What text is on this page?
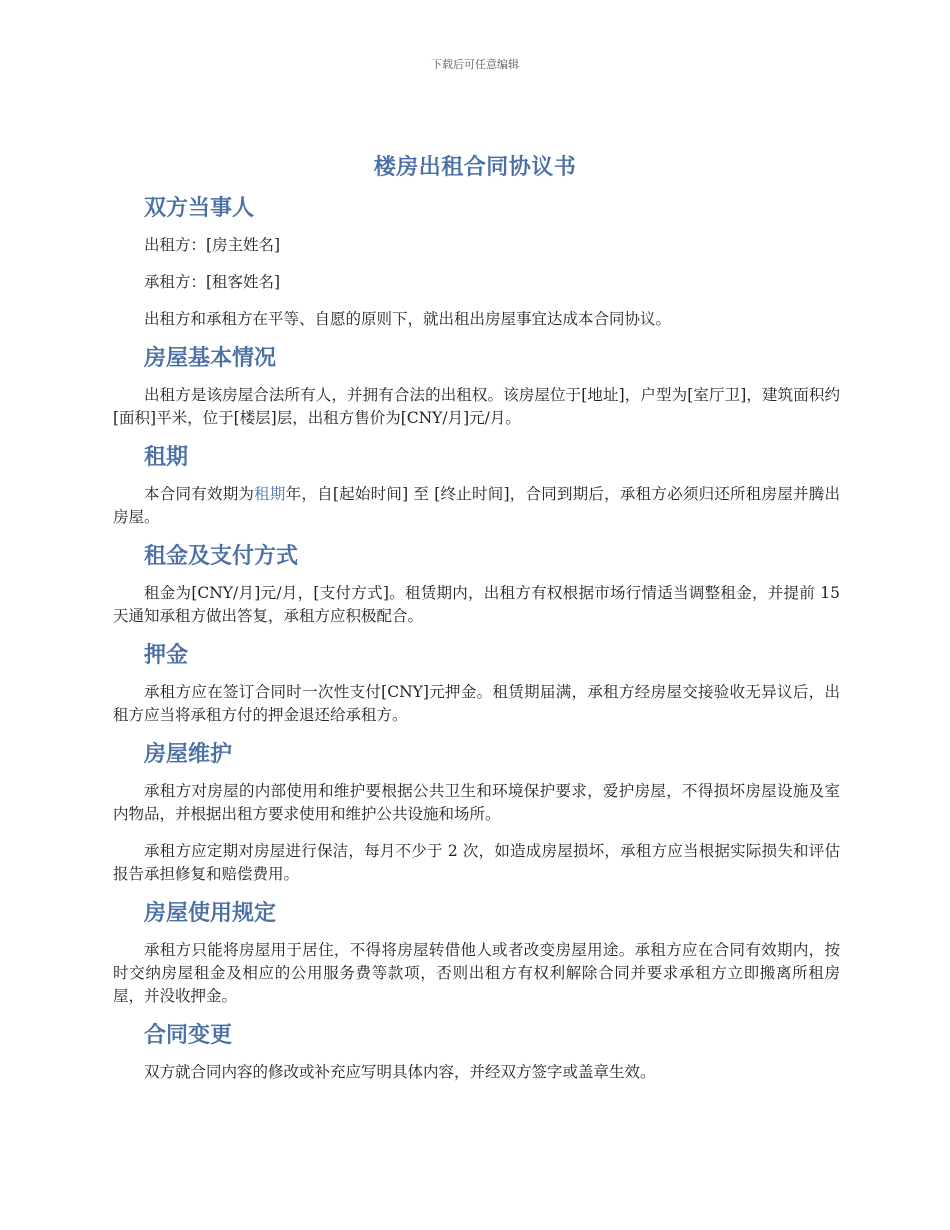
下载后可任意编辑
楼房出租合同协议书
双方当事人

出租方：[房主姓名]

承租方：[租客姓名]

出租方和承租方在平等、自愿的原则下，就出租出房屋事宜达成本合同协议。

房屋基本情况

出租方是该房屋合法所有人，并拥有合法的出租权。该房屋位于[地址]，户型为[室厅卫]，建筑面积约[面积]平米，位于[楼层]层，出租方售价为[CNY/月]元/月。

租期

本合同有效期为租期年，自[起始时间] 至 [终止时间]，合同到期后，承租方必须归还所租房屋并腾出房屋。

租金及支付方式

租金为[CNY/月]元/月，[支付方式]。租赁期内，出租方有权根据市场行情适当调整租金，并提前 15 天通知承租方做出答复，承租方应积极配合。

押金

承租方应在签订合同时一次性支付[CNY]元押金。租赁期届满，承租方经房屋交接验收无异议后，出租方应当将承租方付的押金退还给承租方。

房屋维护

承租方对房屋的内部使用和维护要根据公共卫生和环境保护要求，爱护房屋，不得损坏房屋设施及室内物品，并根据出租方要求使用和维护公共设施和场所。

承租方应定期对房屋进行保洁，每月不少于 2 次，如造成房屋损坏，承租方应当根据实际损失和评估报告承担修复和赔偿费用。

房屋使用规定

承租方只能将房屋用于居住，不得将房屋转借他人或者改变房屋用途。承租方应在合同有效期内，按时交纳房屋租金及相应的公用服务费等款项，否则出租方有权利解除合同并要求承租方立即搬离所租房屋，并没收押金。

合同变更

双方就合同内容的修改或补充应写明具体内容，并经双方签字或盖章生效。
